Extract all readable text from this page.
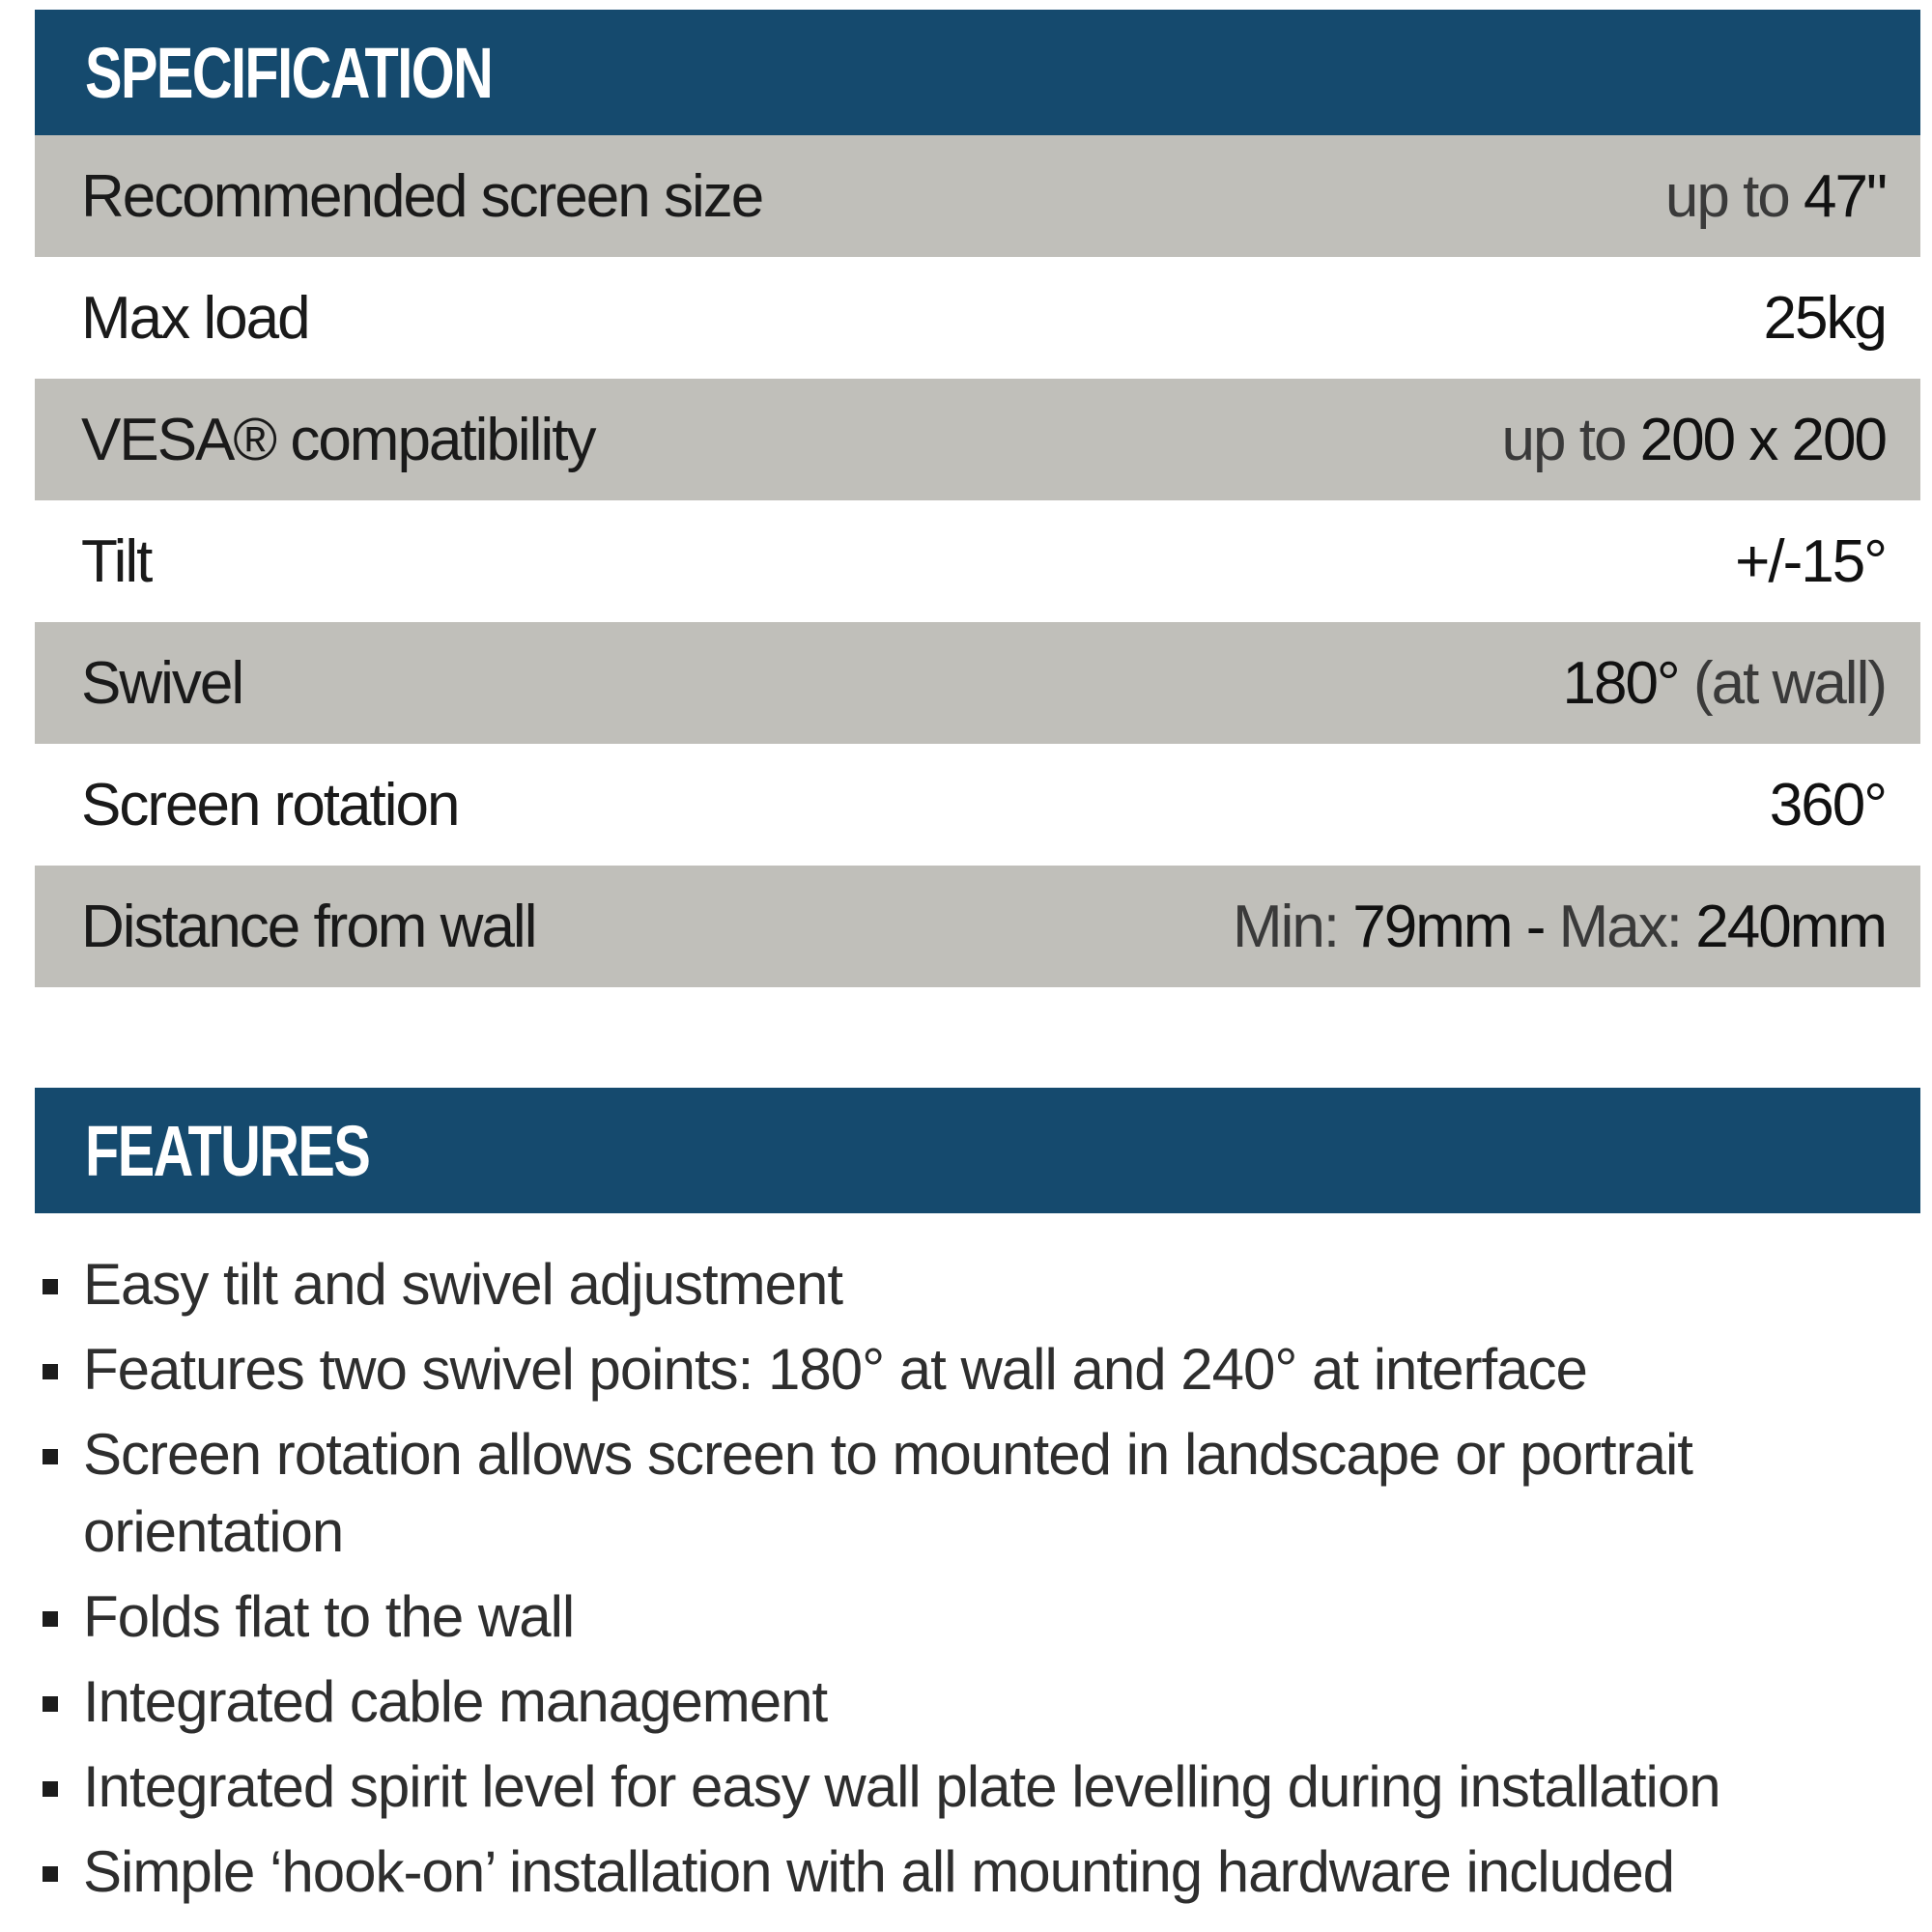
SPECIFICATION
Recommended screen size	up to 47"
Max load	25kg
VESA® compatibility	up to 200 x 200
Tilt	+/-15°
Swivel	180° (at wall)
Screen rotation	360°
Distance from wall	Min: 79mm - Max: 240mm
FEATURES
Easy tilt and swivel adjustment
Features two swivel points: 180° at wall and 240° at interface
Screen rotation allows screen to mounted in landscape or portrait orientation
Folds flat to the wall
Integrated cable management
Integrated spirit level for easy wall plate levelling during installation
Simple ‘hook-on’ installation with all mounting hardware included
